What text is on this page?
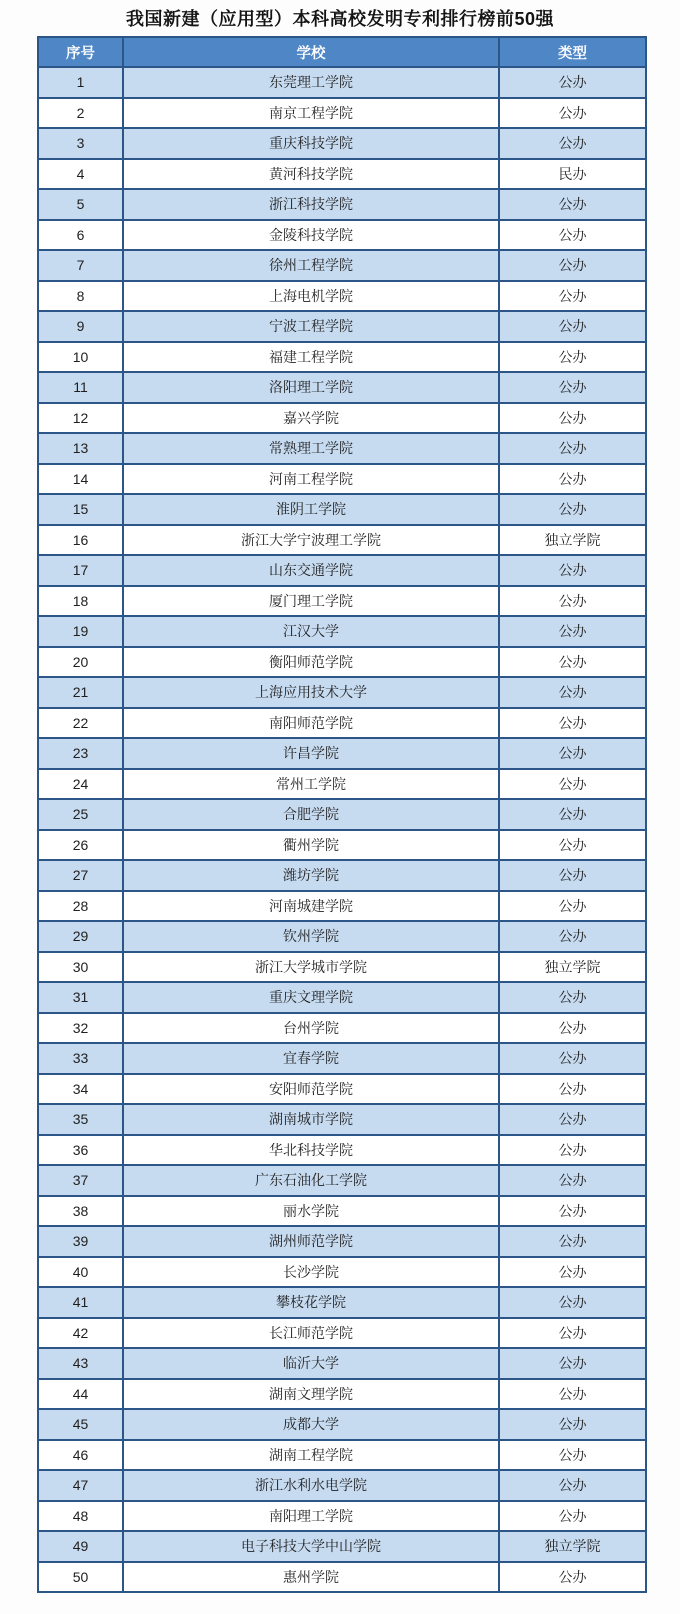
我国新建（应用型）本科高校发明专利排行榜前50强
序号	学校	类型
1	东莞理工学院	公办
2	南京工程学院	公办
3	重庆科技学院	公办
4	黄河科技学院	民办
5	浙江科技学院	公办
6	金陵科技学院	公办
7	徐州工程学院	公办
8	上海电机学院	公办
9	宁波工程学院	公办
10	福建工程学院	公办
11	洛阳理工学院	公办
12	嘉兴学院	公办
13	常熟理工学院	公办
14	河南工程学院	公办
15	淮阴工学院	公办
16	浙江大学宁波理工学院	独立学院
17	山东交通学院	公办
18	厦门理工学院	公办
19	江汉大学	公办
20	衡阳师范学院	公办
21	上海应用技术大学	公办
22	南阳师范学院	公办
23	许昌学院	公办
24	常州工学院	公办
25	合肥学院	公办
26	衢州学院	公办
27	潍坊学院	公办
28	河南城建学院	公办
29	钦州学院	公办
30	浙江大学城市学院	独立学院
31	重庆文理学院	公办
32	台州学院	公办
33	宜春学院	公办
34	安阳师范学院	公办
35	湖南城市学院	公办
36	华北科技学院	公办
37	广东石油化工学院	公办
38	丽水学院	公办
39	湖州师范学院	公办
40	长沙学院	公办
41	攀枝花学院	公办
42	长江师范学院	公办
43	临沂大学	公办
44	湖南文理学院	公办
45	成都大学	公办
46	湖南工程学院	公办
47	浙江水利水电学院	公办
48	南阳理工学院	公办
49	电子科技大学中山学院	独立学院
50	惠州学院	公办
